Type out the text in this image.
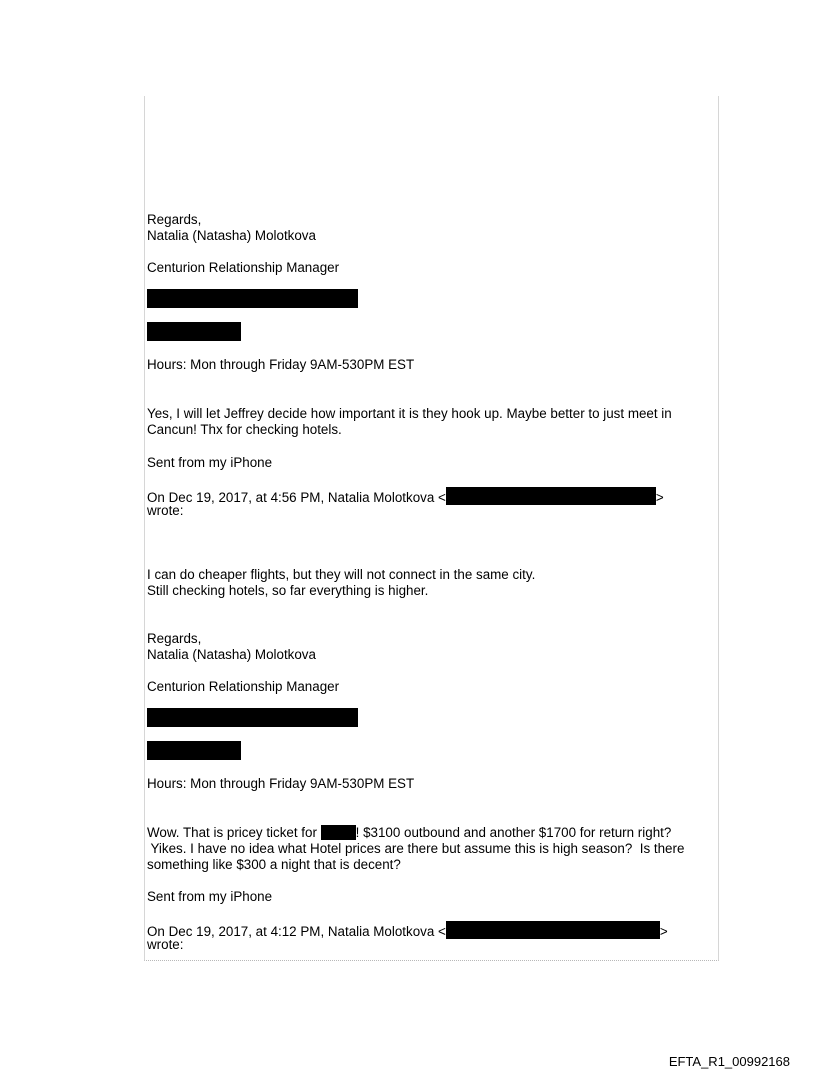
Regards,
Natalia (Natasha) Molotkova
Centurion Relationship Manager
Hours: Mon through Friday 9AM-530PM EST
Yes, I will let Jeffrey decide how important it is they hook up. Maybe better to just meet in Cancun! Thx for checking hotels.
Sent from my iPhone
On Dec 19, 2017, at 4:56 PM, Natalia Molotkova <	>
wrote:
I can do cheaper flights, but they will not connect in the same city.
Still checking hotels, so far everything is higher.
Regards,
Natalia (Natasha) Molotkova
Centurion Relationship Manager
Hours: Mon through Friday 9AM-530PM EST
Wow. That is pricey ticket for	! $3100 outbound and another $1700 for return right?
Yikes. I have no idea what Hotel prices are there but assume this is high season?  Is there
something like $300 a night that is decent?
Sent from my iPhone
On Dec 19, 2017, at 4:12 PM, Natalia Molotkova <	>
wrote:
EFTA_R1_00992168
